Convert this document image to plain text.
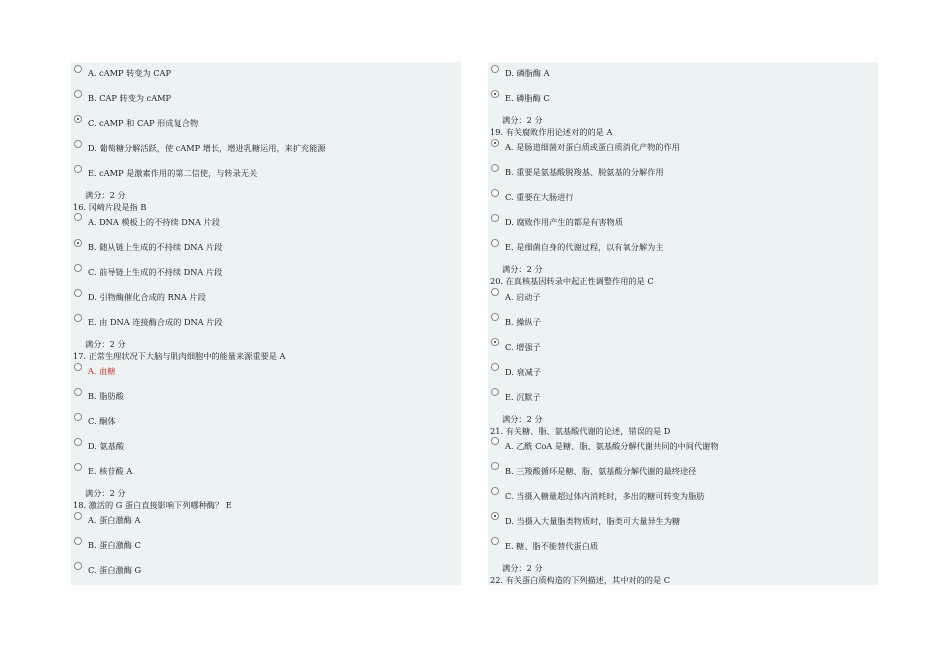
A. cAMP 转变为 CAP
B. CAP 转变为 cAMP
C. cAMP 和 CAP 形成复合物
D. 葡萄糖分解活跃，使 cAMP 增长，增进乳糖运用，来扩充能源
E. cAMP 是激素作用的第二信使，与转录无关
满分：2 分
16. 冈崎片段是指 B
A. DNA 模板上的不持续 DNA 片段
B. 随从链上生成的不持续 DNA 片段
C. 前导链上生成的不持续 DNA 片段
D. 引物酶催化合成的 RNA 片段
E. 由 DNA 连接酶合成的 DNA 片段
满分：2 分
17. 正常生理状况下大脑与肌肉细胞中的能量来源重要是 A
A. 血糖
B. 脂肪酸
C. 酮体
D. 氨基酸
E. 核苷酸 A
满分：2 分
18. 激活的 G 蛋白直接影响下列哪种酶？ E
A. 蛋白激酶 A
B. 蛋白激酶 C
C. 蛋白激酶 G
D. 磷脂酶 A
E. 磷脂酶 C
满分：2 分
19. 有关腐败作用论述对的的是 A
A. 是肠道细菌对蛋白质或蛋白质消化产物的作用
B. 重要是氨基酸脱羧基、脱氨基的分解作用
C. 重要在大肠进行
D. 腐败作用产生的都是有害物质
E. 是细菌自身的代谢过程，以有氧分解为主
满分：2 分
20. 在真核基因转录中起正性调整作用的是 C
A. 启动子
B. 操纵子
C. 增强子
D. 衰减子
E. 沉默子
满分：2 分
21. 有关糖、脂、氨基酸代谢的论述，错误的是 D
A. 乙酰 CoA 是糖、脂、氨基酸分解代谢共同的中间代谢物
B. 三羧酸循环是糖、脂、氨基酸分解代谢的最终途径
C. 当摄入糖量超过体内消耗时，多出的糖可转变为脂肪
D. 当摄入大量脂类物质时，脂类可大量异生为糖
E. 糖、脂不能替代蛋白质
满分：2 分
22. 有关蛋白质构造的下列描述，其中对的的是 C
